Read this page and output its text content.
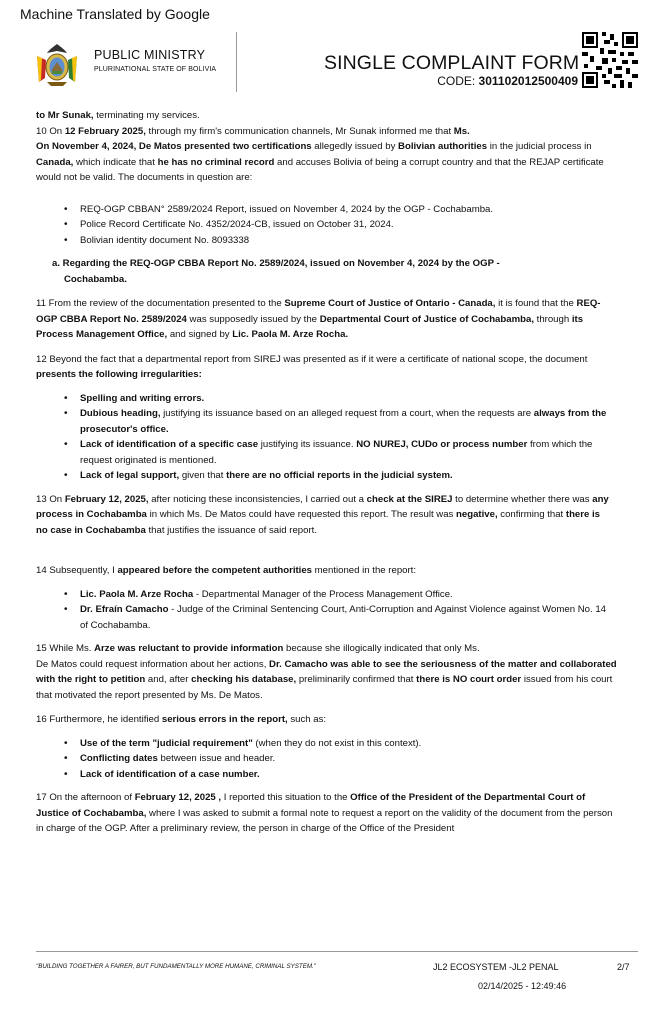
Machine Translated by Google
PUBLIC MINISTRY
PLURINATIONAL STATE OF BOLIVIA	SINGLE COMPLAINT FORM
CODE: 301102012500409

to Mr Sunak, terminating my services.

10 On 12 February 2025, through my firm's communication channels, Mr Sunak informed me that Ms.

On November 4, 2024, De Matos presented two certifications allegedly issued by Bolivian authorities in the judicial process in

Canada, which indicate that he has no criminal record and accuses Bolivia of being a corrupt country and that the REJAP certificate

would not be valid. The documents in question are:

• REQ-OGP CBBAN° 2589/2024 Report, issued on November 4, 2024 by the OGP - Cochabamba.
• Police Record Certificate No. 4352/2024-CB, issued on October 31, 2024.
• Bolivian identity document No. 8093338

a. Regarding the REQ-OGP CBBA Report No. 2589/2024, issued on November 4, 2024 by the OGP -

Cochabamba.

11 From the review of the documentation presented to the Supreme Court of Justice of Ontario - Canada, it is found that the REQ-

OGP CBBA Report No. 2589/2024 was supposedly issued by the Departmental Court of Justice of Cochabamba, through its

Process Management Office, and signed by Lic. Paola M. Arze Rocha.

12 Beyond the fact that a departmental report from SIREJ was presented as if it were a certificate of national scope, the document

presents the following irregularities:

• Spelling and writing errors.
• Dubious heading, justifying its issuance based on an alleged request from a court, when the requests are always from the
prosecutor's office.
• Lack of identification of a specific case justifying its issuance. NO NUREJ, CUDo or process number from which the
request originated is mentioned.
• Lack of legal support, given that there are no official reports in the judicial system.

13 On February 12, 2025, after noticing these inconsistencies, I carried out a check at the SIREJ to determine whether there was any

process in Cochabamba in which Ms. De Matos could have requested this report. The result was negative, confirming that there is

no case in Cochabamba that justifies the issuance of said report.

14 Subsequently, I appeared before the competent authorities mentioned in the report:

• Lic. Paola M. Arze Rocha - Departmental Manager of the Process Management Office.
• Dr. Efraín Camacho - Judge of the Criminal Sentencing Court, Anti-Corruption and Against Violence against Women No. 14
of Cochabamba.

15 While Ms. Arze was reluctant to provide information because she illogically indicated that only Ms.

De Matos could request information about her actions, Dr. Camacho was able to see the seriousness of the matter and collaborated

with the right to petition and, after checking his database, preliminarily confirmed that there is NO court order issued from his court

that motivated the report presented by Ms. De Matos.

16 Furthermore, he identified serious errors in the report, such as:

• Use of the term "judicial requirement" (when they do not exist in this context).
• Conflicting dates between issue and header.
• Lack of identification of a case number.

17 On the afternoon of February 12, 2025 , I reported this situation to the Office of the President of the Departmental Court of

Justice of Cochabamba, where I was asked to submit a formal note to request a report on the validity of the document from the person

in charge of the OGP. After a preliminary review, the person in charge of the Office of the President

"BUILDING TOGETHER A FAIRER, BUT FUNDAMENTALLY MORE HUMANE, CRIMINAL SYSTEM."	JL2 ECOSYSTEM -JL2 PENAL	2/7
02/14/2025 - 12:49:46
